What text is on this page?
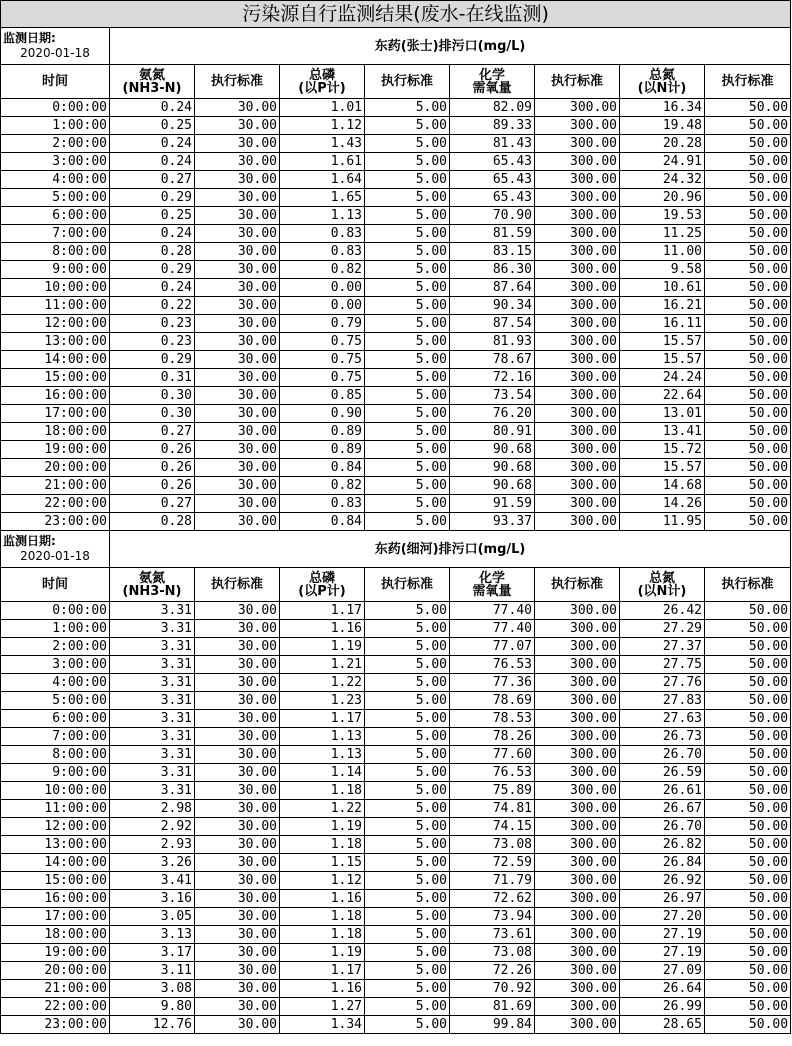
污染源自行监测结果(废水-在线监测)								

监测日期:
2020-01-18	东药(张士)排污口(mg/L)							
时间	氨氮
(NH3-N)	执行标准	总磷
(以P计)	执行标准	化学
需氧量	执行标准	总氮
(以N计)	执行标准
0:00:00	0.24	30.00	1.01	5.00	82.09	300.00	16.34	50.00
1:00:00	0.25	30.00	1.12	5.00	89.33	300.00	19.48	50.00
2:00:00	0.24	30.00	1.43	5.00	81.43	300.00	20.28	50.00
3:00:00	0.24	30.00	1.61	5.00	65.43	300.00	24.91	50.00
4:00:00	0.27	30.00	1.64	5.00	65.43	300.00	24.32	50.00
5:00:00	0.29	30.00	1.65	5.00	65.43	300.00	20.96	50.00
6:00:00	0.25	30.00	1.13	5.00	70.90	300.00	19.53	50.00
7:00:00	0.24	30.00	0.83	5.00	81.59	300.00	11.25	50.00
8:00:00	0.28	30.00	0.83	5.00	83.15	300.00	11.00	50.00
9:00:00	0.29	30.00	0.82	5.00	86.30	300.00	9.58	50.00
10:00:00	0.24	30.00	0.00	5.00	87.64	300.00	10.61	50.00
11:00:00	0.22	30.00	0.00	5.00	90.34	300.00	16.21	50.00
12:00:00	0.23	30.00	0.79	5.00	87.54	300.00	16.11	50.00
13:00:00	0.23	30.00	0.75	5.00	81.93	300.00	15.57	50.00
14:00:00	0.29	30.00	0.75	5.00	78.67	300.00	15.57	50.00
15:00:00	0.31	30.00	0.75	5.00	72.16	300.00	24.24	50.00
16:00:00	0.30	30.00	0.85	5.00	73.54	300.00	22.64	50.00
17:00:00	0.30	30.00	0.90	5.00	76.20	300.00	13.01	50.00
18:00:00	0.27	30.00	0.89	5.00	80.91	300.00	13.41	50.00
19:00:00	0.26	30.00	0.89	5.00	90.68	300.00	15.72	50.00
20:00:00	0.26	30.00	0.84	5.00	90.68	300.00	15.57	50.00
21:00:00	0.26	30.00	0.82	5.00	90.68	300.00	14.68	50.00
22:00:00	0.27	30.00	0.83	5.00	91.59	300.00	14.26	50.00
23:00:00	0.28	30.00	0.84	5.00	93.37	300.00	11.95	50.00

监测日期:
2020-01-18	东药(细河)排污口(mg/L)							
时间	氨氮
(NH3-N)	执行标准	总磷
(以P计)	执行标准	化学
需氧量	执行标准	总氮
(以N计)	执行标准
0:00:00	3.31	30.00	1.17	5.00	77.40	300.00	26.42	50.00
1:00:00	3.31	30.00	1.16	5.00	77.40	300.00	27.29	50.00
2:00:00	3.31	30.00	1.19	5.00	77.07	300.00	27.37	50.00
3:00:00	3.31	30.00	1.21	5.00	76.53	300.00	27.75	50.00
4:00:00	3.31	30.00	1.22	5.00	77.36	300.00	27.76	50.00
5:00:00	3.31	30.00	1.23	5.00	78.69	300.00	27.83	50.00
6:00:00	3.31	30.00	1.17	5.00	78.53	300.00	27.63	50.00
7:00:00	3.31	30.00	1.13	5.00	78.26	300.00	26.73	50.00
8:00:00	3.31	30.00	1.13	5.00	77.60	300.00	26.70	50.00
9:00:00	3.31	30.00	1.14	5.00	76.53	300.00	26.59	50.00
10:00:00	3.31	30.00	1.18	5.00	75.89	300.00	26.61	50.00
11:00:00	2.98	30.00	1.22	5.00	74.81	300.00	26.67	50.00
12:00:00	2.92	30.00	1.19	5.00	74.15	300.00	26.70	50.00
13:00:00	2.93	30.00	1.18	5.00	73.08	300.00	26.82	50.00
14:00:00	3.26	30.00	1.15	5.00	72.59	300.00	26.84	50.00
15:00:00	3.41	30.00	1.12	5.00	71.79	300.00	26.92	50.00
16:00:00	3.16	30.00	1.16	5.00	72.62	300.00	26.97	50.00
17:00:00	3.05	30.00	1.18	5.00	73.94	300.00	27.20	50.00
18:00:00	3.13	30.00	1.18	5.00	73.61	300.00	27.19	50.00
19:00:00	3.17	30.00	1.19	5.00	73.08	300.00	27.19	50.00
20:00:00	3.11	30.00	1.17	5.00	72.26	300.00	27.09	50.00
21:00:00	3.08	30.00	1.16	5.00	70.92	300.00	26.64	50.00
22:00:00	9.80	30.00	1.27	5.00	81.69	300.00	26.99	50.00
23:00:00	12.76	30.00	1.34	5.00	99.84	300.00	28.65	50.00
